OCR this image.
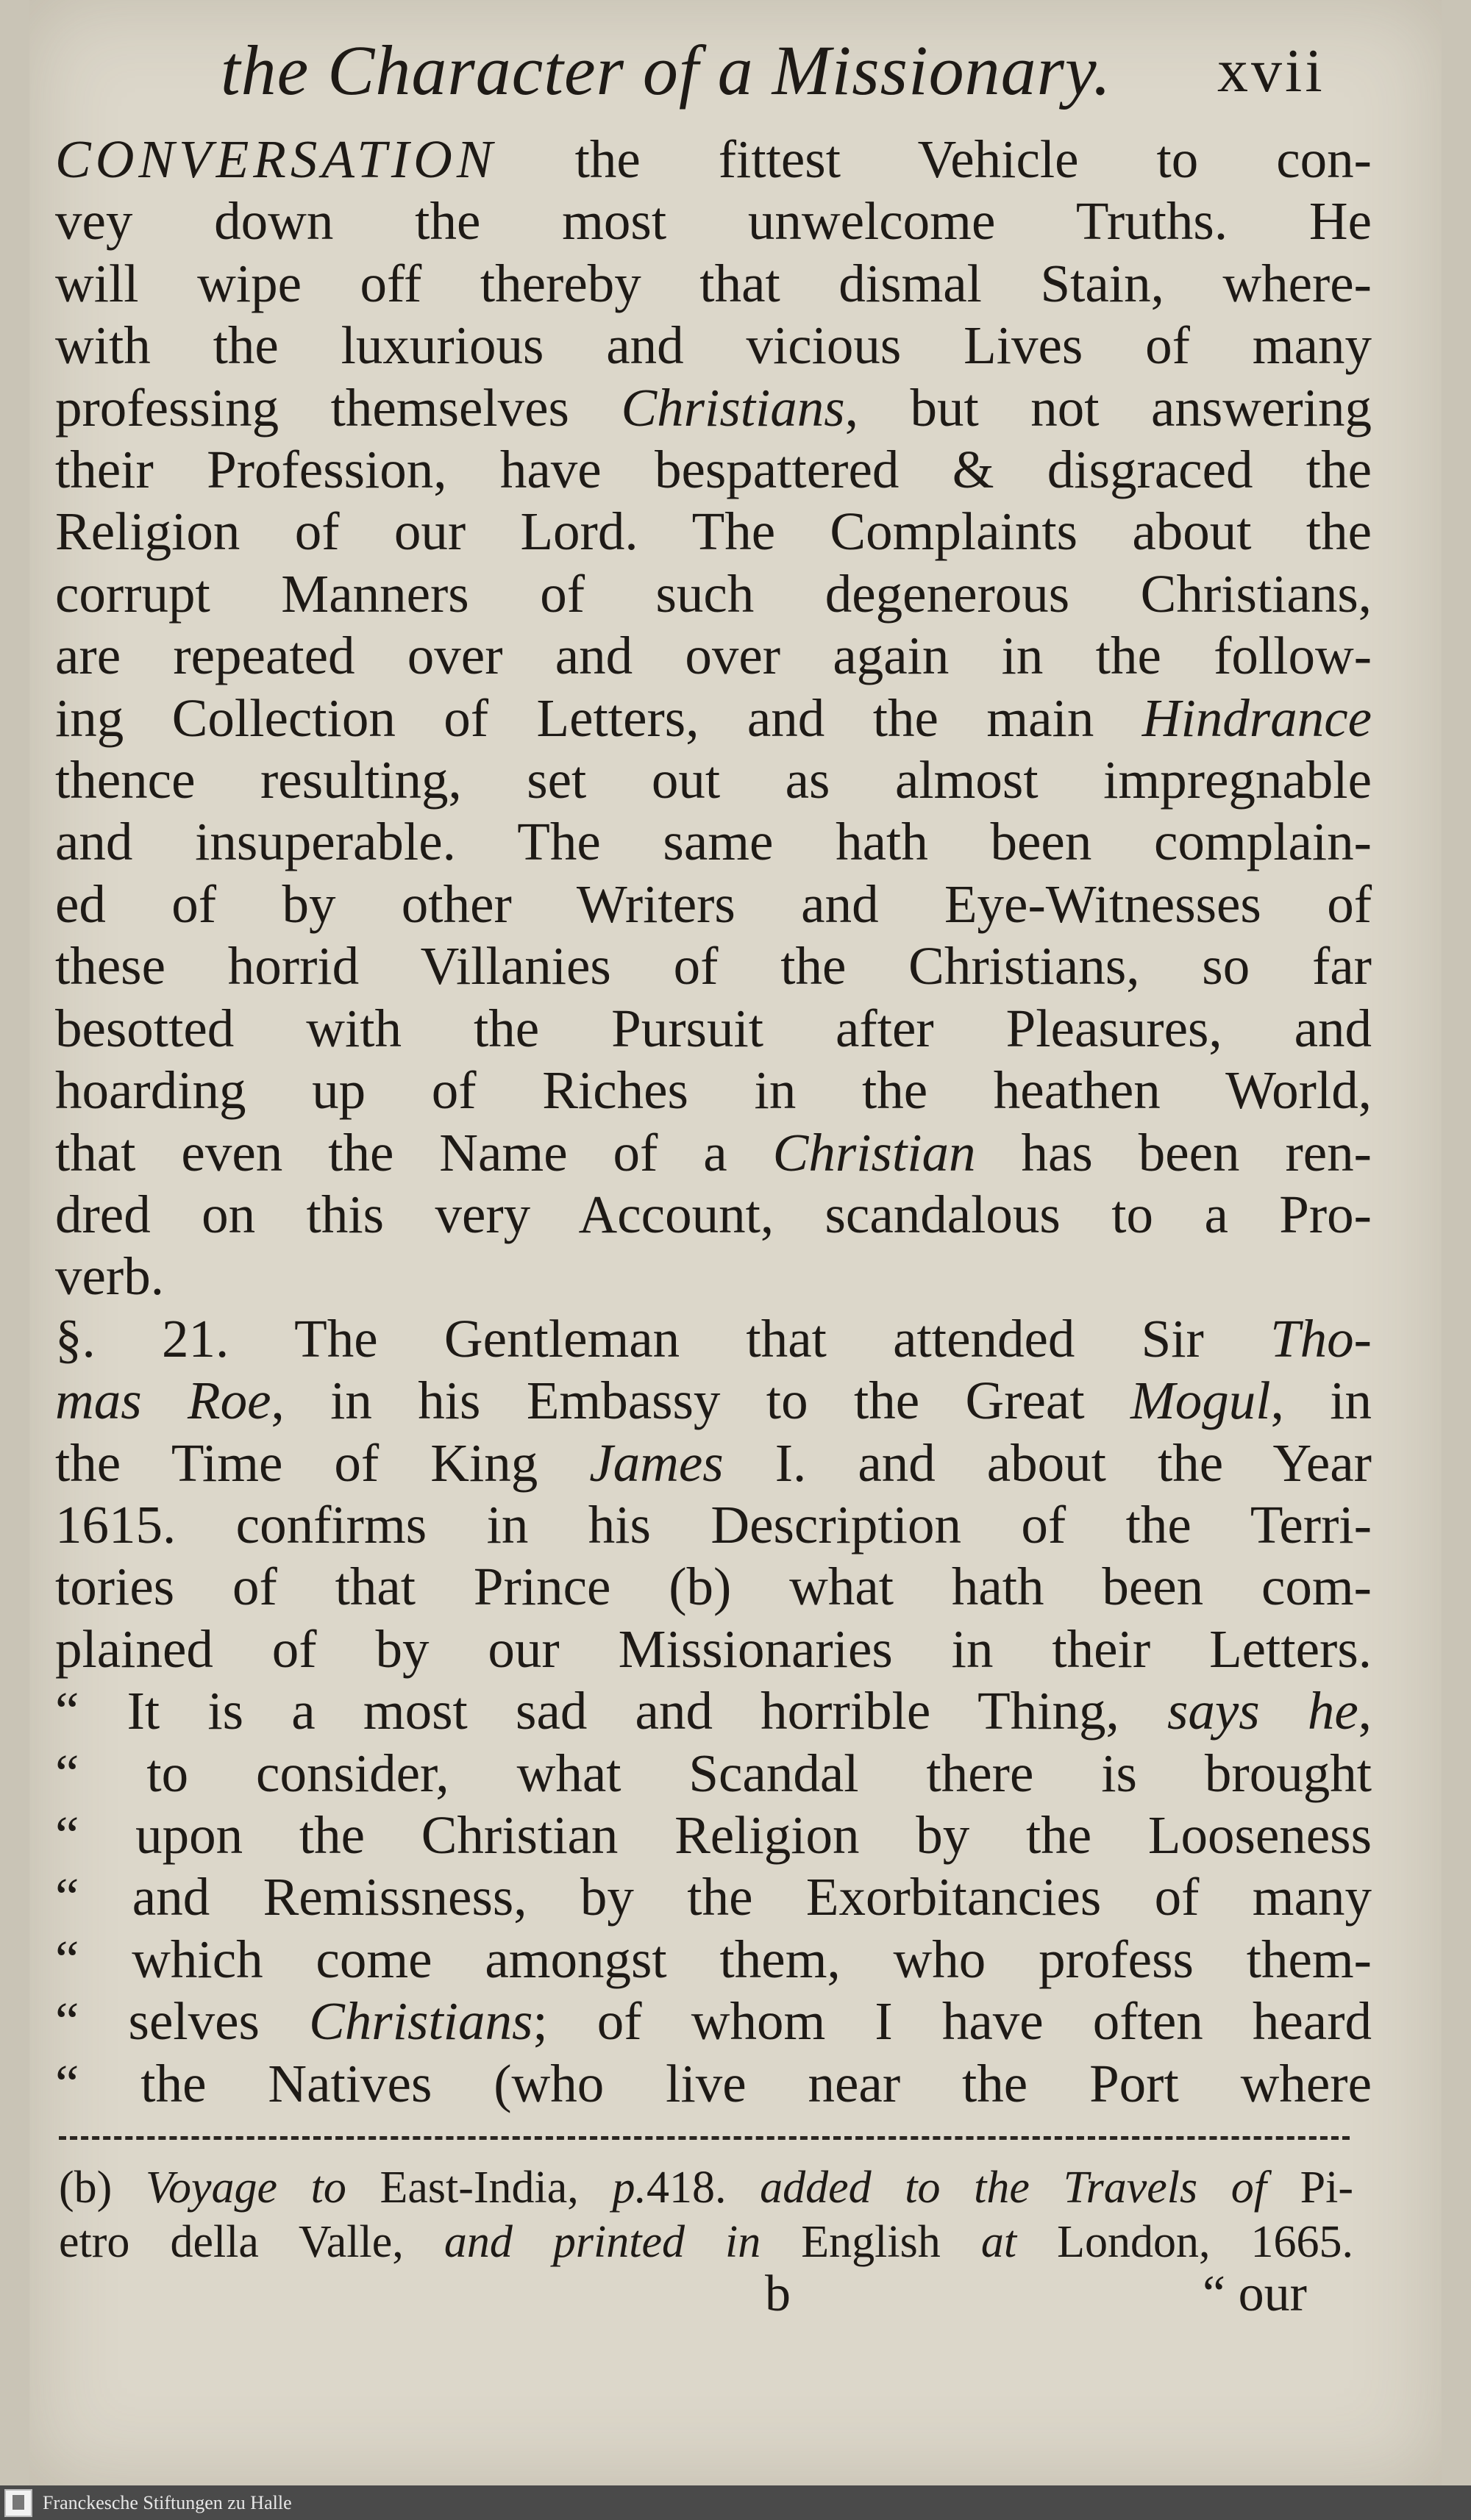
the Character of a Missionary. xvii
CONVERSATION the fittest Vehicle to con-
vey down the most unwelcome Truths. He
will wipe off thereby that dismal Stain, where-
with the luxurious and vicious Lives of many
professing themselves Christians, but not answering
their Profession, have bespattered & disgraced the
Religion of our Lord. The Complaints about the
corrupt Manners of such degenerous Christians,
are repeated over and over again in the follow-
ing Collection of Letters, and the main Hindrance
thence resulting, set out as almost impregnable
and insuperable. The same hath been complain-
ed of by other Writers and Eye-Witnesses of
these horrid Villanies of the Christians, so far
besotted with the Pursuit after Pleasures, and
hoarding up of Riches in the heathen World,
that even the Name of a Christian has been ren-
dred on this very Account, scandalous to a Pro-
verb.
§. 21. The Gentleman that attended Sir Tho-
mas Roe, in his Embassy to the Great Mogul, in
the Time of King James I. and about the Year
1615. confirms in his Description of the Terri-
tories of that Prince (b) what hath been com-
plained of by our Missionaries in their Letters.
“ It is a most sad and horrible Thing, says he,
“ to consider, what Scandal there is brought
“ upon the Christian Religion by the Looseness
“ and Remissness, by the Exorbitancies of many
“ which come amongst them, who profess them-
“ selves Christians; of whom I have often heard
“ the Natives (who live near the Port where
(b) Voyage to East-India, p.418. added to the Travels of Pi-
etro della Valle, and printed in English at London, 1665.
b	“ our
Franckesche Stiftungen zu Halle
